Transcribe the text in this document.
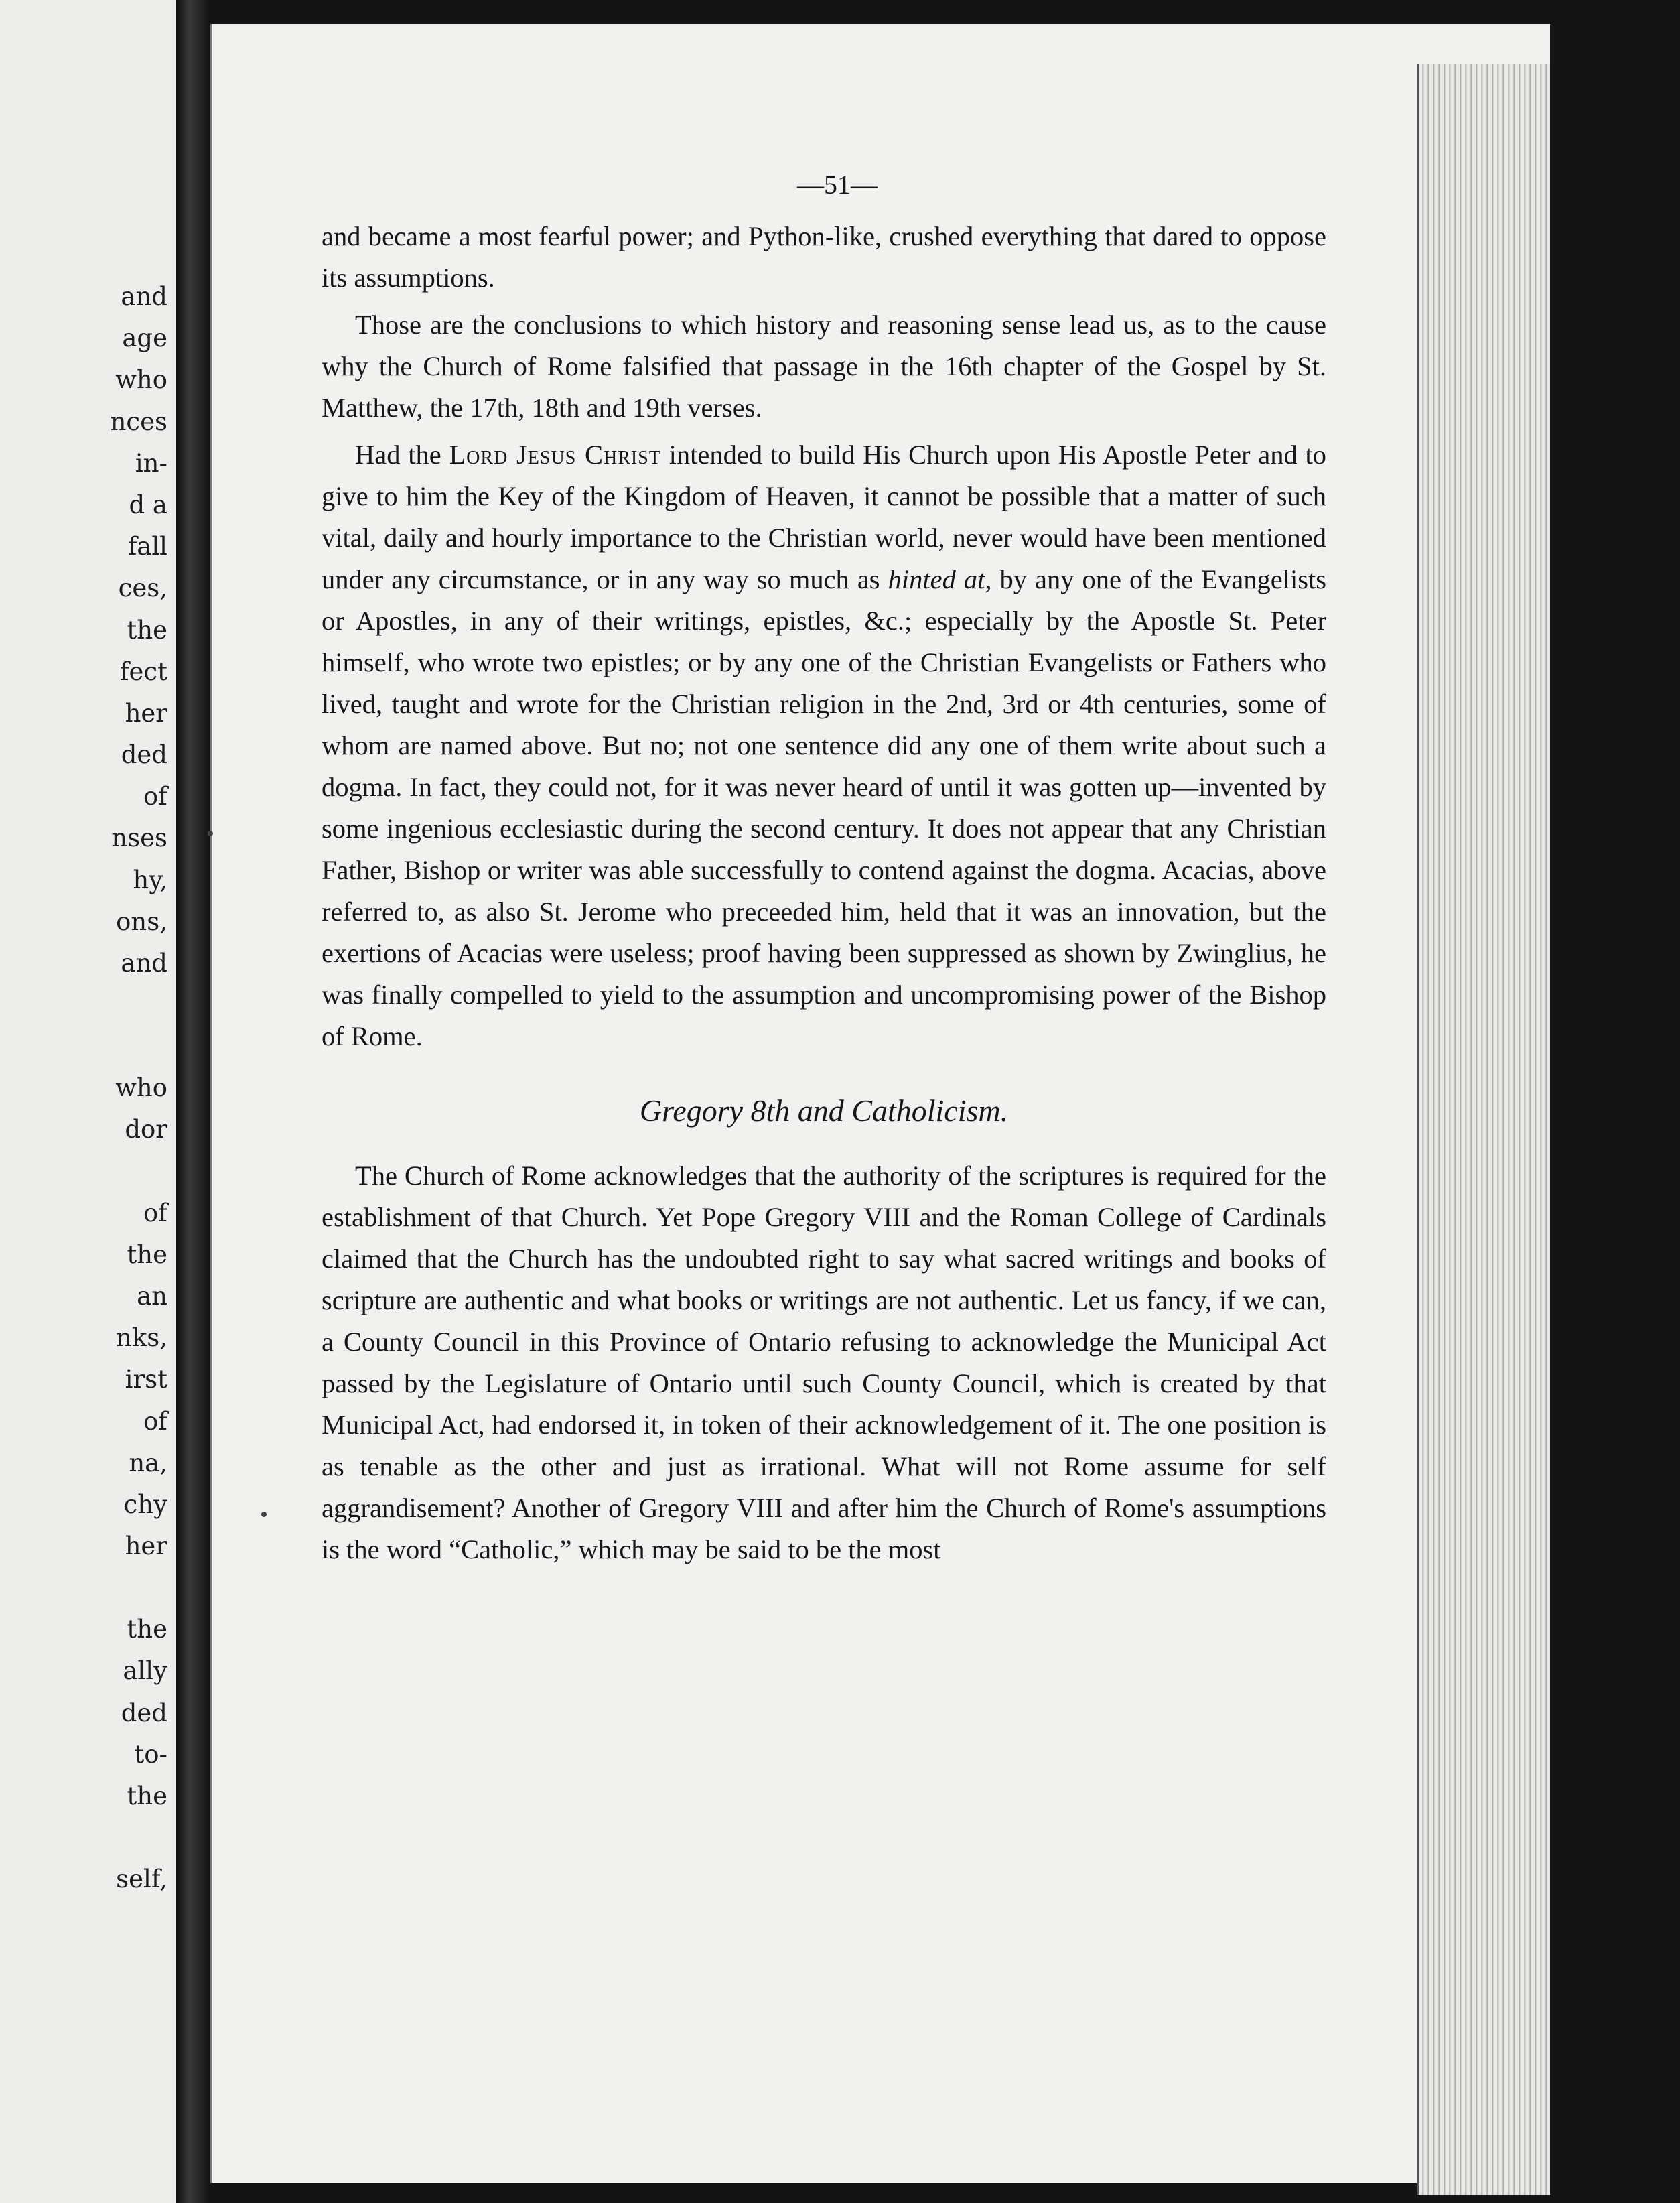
and
age
who
nces
in-
d a
fall
ces,
the
fect
her
ded
of
nses
hy,
ons,
and
who
dor
of
the
an
nks,
irst
of
na,
chy
her
the
ally
ded
to-
the
self,
—51—

and became a most fearful power; and Python-like, crushed everything that dared to oppose its assumptions.

Those are the conclusions to which history and reasoning sense lead us, as to the cause why the Church of Rome falsified that passage in the 16th chapter of the Gospel by St. Matthew, the 17th, 18th and 19th verses.

Had the Lord Jesus Christ intended to build His Church upon His Apostle Peter and to give to him the Key of the Kingdom of Heaven, it cannot be possible that a matter of such vital, daily and hourly importance to the Christian world, never would have been mentioned under any circumstance, or in any way so much as hinted at, by any one of the Evangelists or Apostles, in any of their writings, epistles, &c.; especially by the Apostle St. Peter himself, who wrote two epistles; or by any one of the Christian Evangelists or Fathers who lived, taught and wrote for the Christian religion in the 2nd, 3rd or 4th centuries, some of whom are named above. But no; not one sentence did any one of them write about such a dogma. In fact, they could not, for it was never heard of until it was gotten up—invented by some ingenious ecclesiastic during the second century. It does not appear that any Christian Father, Bishop or writer was able successfully to contend against the dogma. Acacias, above referred to, as also St. Jerome who preceeded him, held that it was an innovation, but the exertions of Acacias were useless; proof having been suppressed as shown by Zwinglius, he was finally compelled to yield to the assumption and uncompromising power of the Bishop of Rome.

Gregory 8th and Catholicism.

The Church of Rome acknowledges that the authority of the scriptures is required for the establishment of that Church. Yet Pope Gregory VIII and the Roman College of Cardinals claimed that the Church has the undoubted right to say what sacred writings and books of scripture are authentic and what books or writings are not authentic. Let us fancy, if we can, a County Council in this Province of Ontario refusing to acknowledge the Municipal Act passed by the Legislature of Ontario until such County Council, which is created by that Municipal Act, had endorsed it, in token of their acknowledgement of it. The one position is as tenable as the other and just as irrational. What will not Rome assume for self aggrandisement? Another of Gregory VIII and after him the Church of Rome's assumptions is the word “Catholic,” which may be said to be the most
